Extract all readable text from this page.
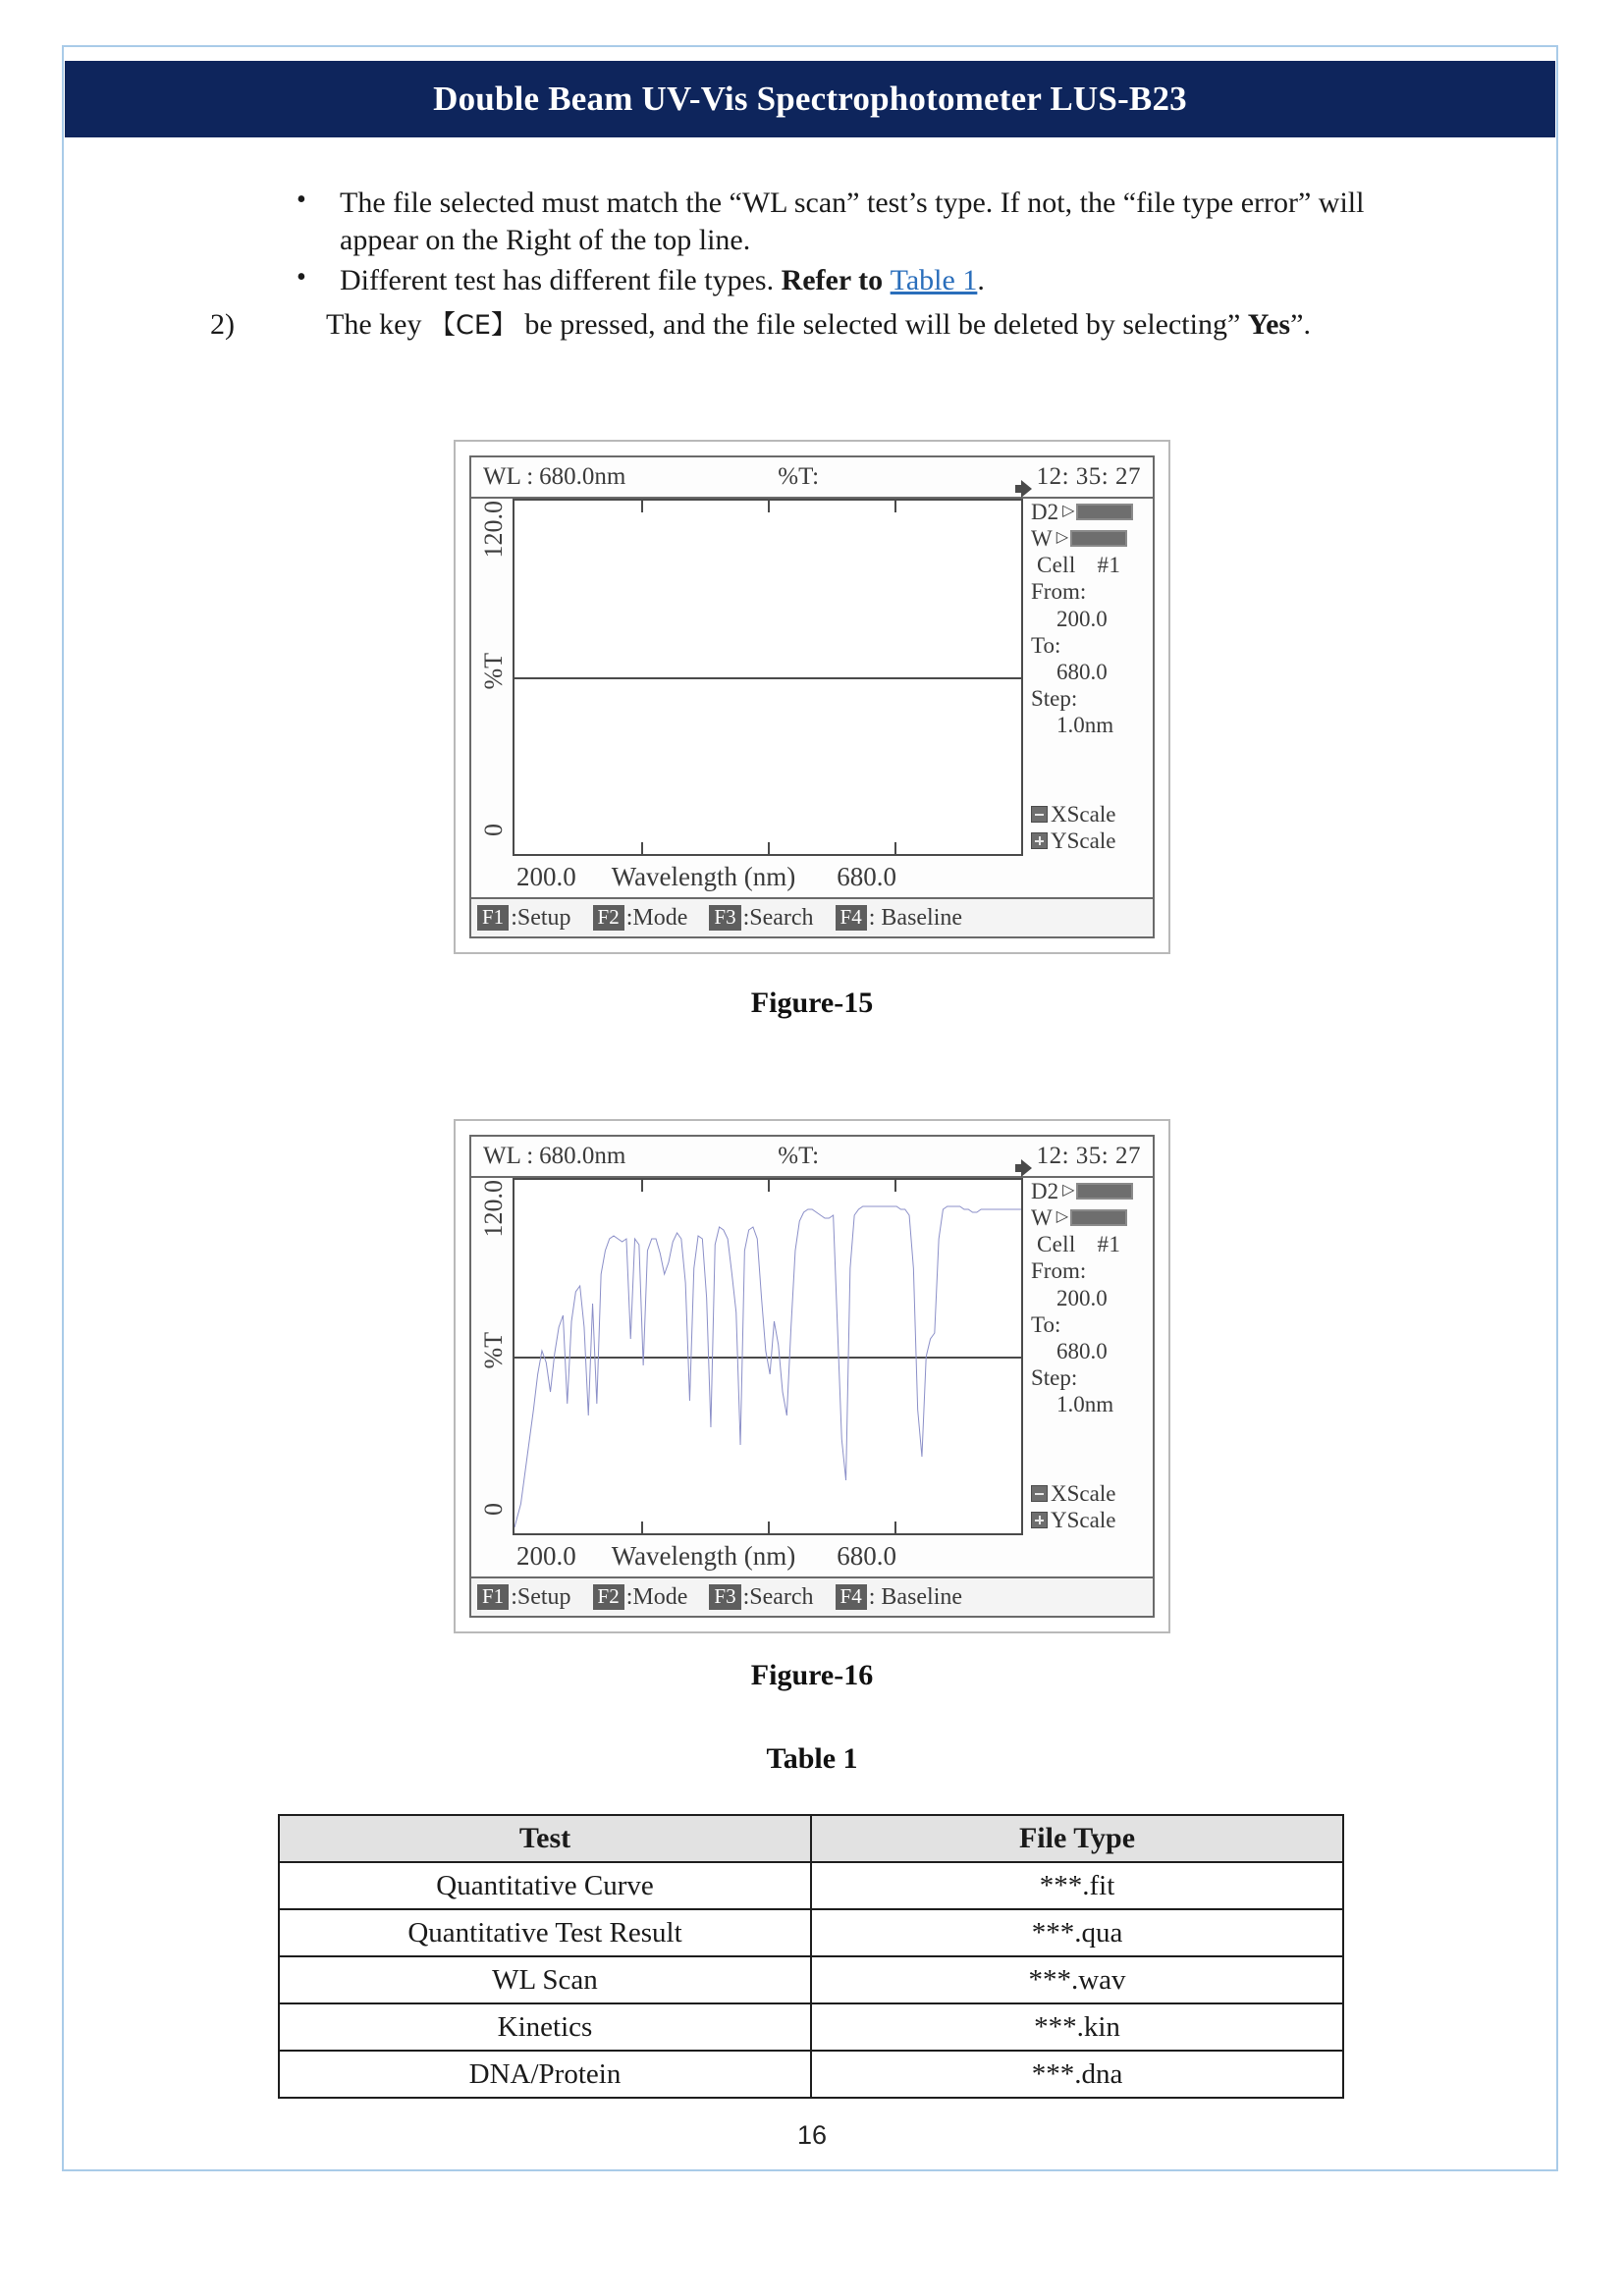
Double Beam UV-Vis Spectrophotometer LUS-B23
• The file selected must match the “WL scan” test’s type. If not, the “file type error” will appear on the Right of the top line.
• Different test has different file types. Refer to Table 1.
2)	The key 【CE】 be pressed, and the file selected will be deleted by selecting” Yes”.
WL : 680.0nm	%T:	12: 35: 27
120.0
%T
0
D2 ▷
W ▷
Cell #1
From:
200.0
To:
680.0
Step:
1.0nm
XScale
YScale
200.0 Wavelength (nm) 680.0
F1 :Setup F2 :Mode F3 :Search F4 : Baseline
Figure-15
WL : 680.0nm	%T:	12: 35: 27
120.0
%T
0
D2 ▷
W ▷
Cell #1
From:
200.0
To:
680.0
Step:
1.0nm
XScale
YScale
200.0 Wavelength (nm) 680.0
F1 :Setup F2 :Mode F3 :Search F4 : Baseline
Figure-16
Table 1
Test	File Type
Quantitative Curve	***.fit
Quantitative Test Result	***.qua
WL Scan	***.wav
Kinetics	***.kin
DNA/Protein	***.dna
16
